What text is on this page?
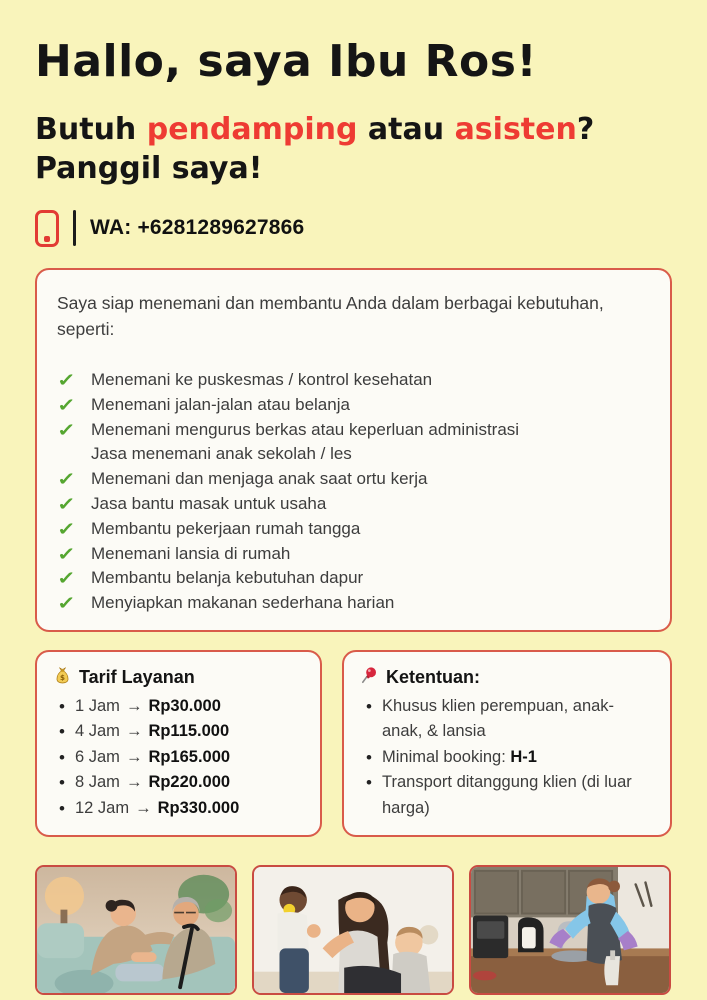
Hallo, saya Ibu Ros!
Butuh pendamping atau asisten? Panggil saya!
WA: +6281289627866

Saya siap menemani dan membantu Anda dalam berbagai kebutuhan, seperti:

✓ Menemani ke puskesmas / kontrol kesehatan
✓ Menemani jalan-jalan atau belanja
✓ Menemani mengurus berkas atau keperluan administrasi
Jasa menemani anak sekolah / les
✓ Menemani dan menjaga anak saat ortu kerja
✓ Jasa bantu masak untuk usaha
✓ Membantu pekerjaan rumah tangga
✓ Menemani lansia di rumah
✓ Membantu belanja kebutuhan dapur
✓ Menyiapkan makanan sederhana harian
$ Tarif Layanan
• 1 Jam → Rp30.000
• 4 Jam → Rp115.000
• 6 Jam → Rp165.000
• 8 Jam → Rp220.000
• 12 Jam → Rp330.000
Ketentuan:
• Khusus klien perempuan, anak-anak, & lansia
• Minimal booking: H-1
• Transport ditanggung klien (di luar harga)
